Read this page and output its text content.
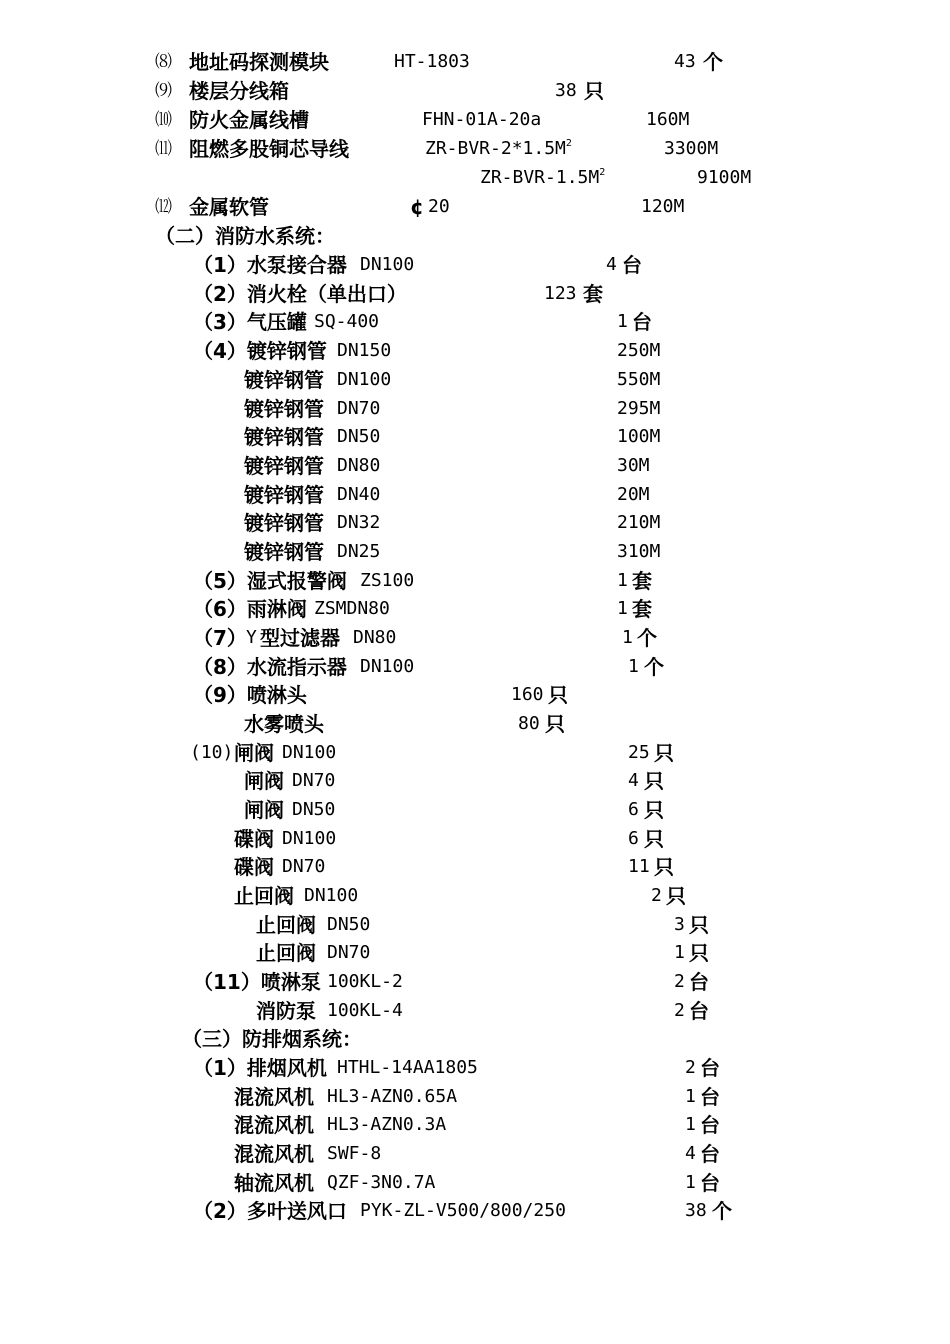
⑻ 地址码探测模块	HT-1803	43 个
⑼ 楼层分线箱	38 只
⑽ 防火金属线槽	FHN-01A-20a	160M
⑾ 阻燃多股铜芯导线	$ZR-BVR-2*1.5M^2$	3300M
$ZR-BVR-1.5M^2$	9100M
⑿ 金属软管	¢ 20	120M
（二）消防水系统：
（1）水泵接合器 DN100	4 台
（2）消火栓（单出口）	123 套
（3）气压罐 SQ-400	1 台
（4）镀锌钢管 DN150	250M
镀锌钢管 DN100	550M
镀锌钢管 DN70	295M
镀锌钢管 DN50	100M
镀锌钢管 DN80	30M
镀锌钢管 DN40	20M
镀锌钢管 DN32	210M
镀锌钢管 DN25	310M
（5）湿式报警阀 ZS100	1 套
（6）雨淋阀 ZSMDN80	1 套
（7） Y 型过滤器 DN80	1 个
（8）水流指示器 DN100	1 个
（9）喷淋头	160 只
水雾喷头	80 只
(10) 闸阀 DN100	25 只
闸阀 DN70	4 只
闸阀 DN50	6 只
碟阀 DN100	6 只
碟阀 DN70	11 只
止回阀 DN100	2 只
止回阀 DN50	3 只
止回阀 DN70	1 只
（11）喷淋泵 100KL-2	2 台
消防泵 100KL-4	2 台
（三）防排烟系统：
（1）排烟风机 HTHL-14AA1805	2 台
混流风机 HL3-AZN0.65A	1 台
混流风机 HL3-AZN0.3A	1 台
混流风机 SWF-8	4 台
轴流风机 QZF-3N0.7A	1 台
（2）多叶送风口 PYK-ZL-V500/800/250	38 个
